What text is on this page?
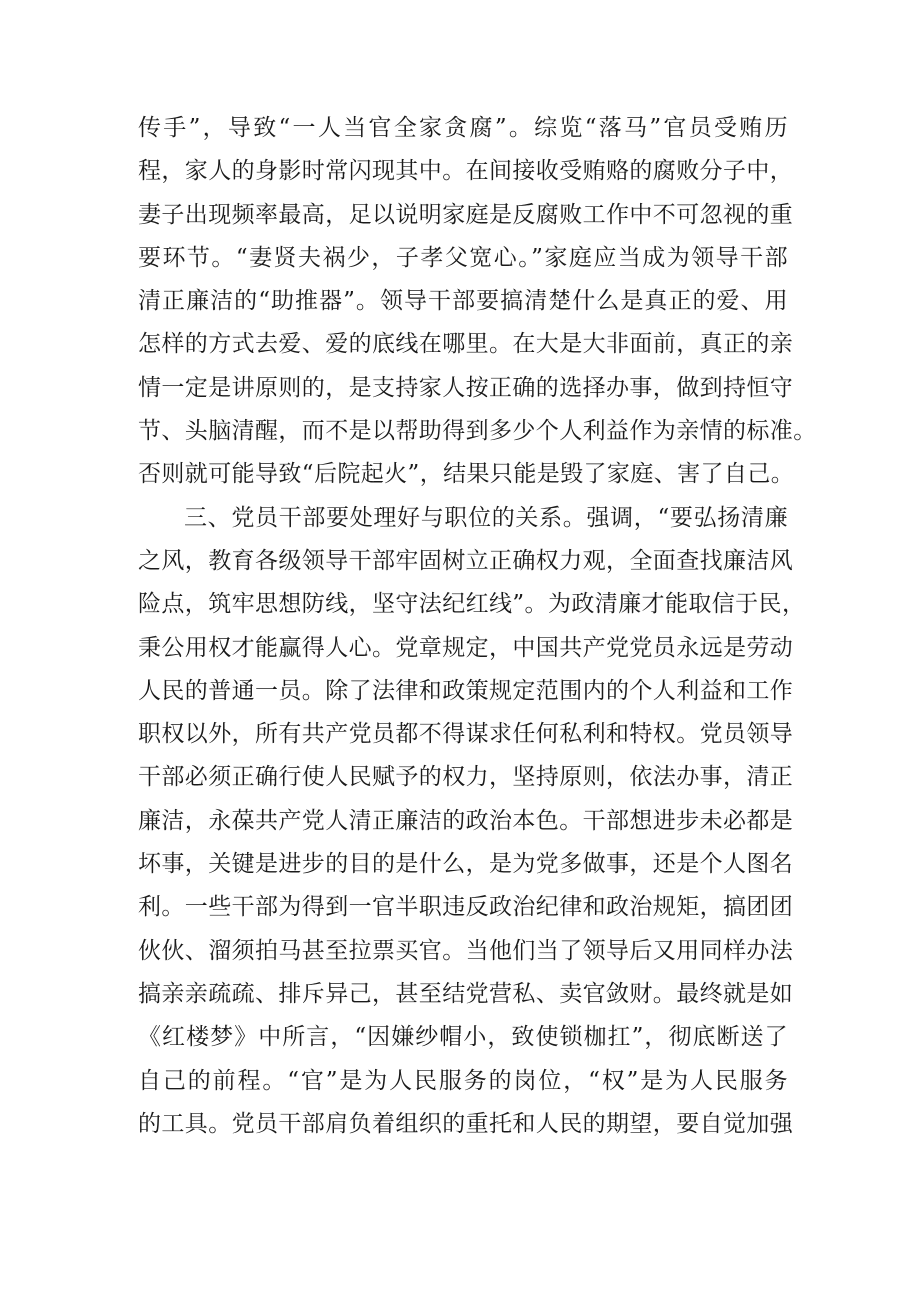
传手”，导致“一人当官全家贪腐”。综览“落马”官员受贿历
程，家人的身影时常闪现其中。在间接收受贿赂的腐败分子中，
妻子出现频率最高，足以说明家庭是反腐败工作中不可忽视的重
要环节。“妻贤夫祸少，子孝父宽心。”家庭应当成为领导干部
清正廉洁的“助推器”。领导干部要搞清楚什么是真正的爱、用
怎样的方式去爱、爱的底线在哪里。在大是大非面前，真正的亲
情一定是讲原则的，是支持家人按正确的选择办事，做到持恒守
节、头脑清醒，而不是以帮助得到多少个人利益作为亲情的标准。
否则就可能导致“后院起火”，结果只能是毁了家庭、害了自己。
三、党员干部要处理好与职位的关系。强调，“要弘扬清廉
之风，教育各级领导干部牢固树立正确权力观，全面查找廉洁风
险点，筑牢思想防线，坚守法纪红线”。为政清廉才能取信于民，
秉公用权才能赢得人心。党章规定，中国共产党党员永远是劳动
人民的普通一员。除了法律和政策规定范围内的个人利益和工作
职权以外，所有共产党员都不得谋求任何私利和特权。党员领导
干部必须正确行使人民赋予的权力，坚持原则，依法办事，清正
廉洁，永葆共产党人清正廉洁的政治本色。干部想进步未必都是
坏事，关键是进步的目的是什么，是为党多做事，还是个人图名
利。一些干部为得到一官半职违反政治纪律和政治规矩，搞团团
伙伙、溜须拍马甚至拉票买官。当他们当了领导后又用同样办法
搞亲亲疏疏、排斥异己，甚至结党营私、卖官敛财。最终就是如
《红楼梦》中所言，“因嫌纱帽小，致使锁枷扛”，彻底断送了
自己的前程。“官”是为人民服务的岗位，“权”是为人民服务
的工具。党员干部肩负着组织的重托和人民的期望，要自觉加强
